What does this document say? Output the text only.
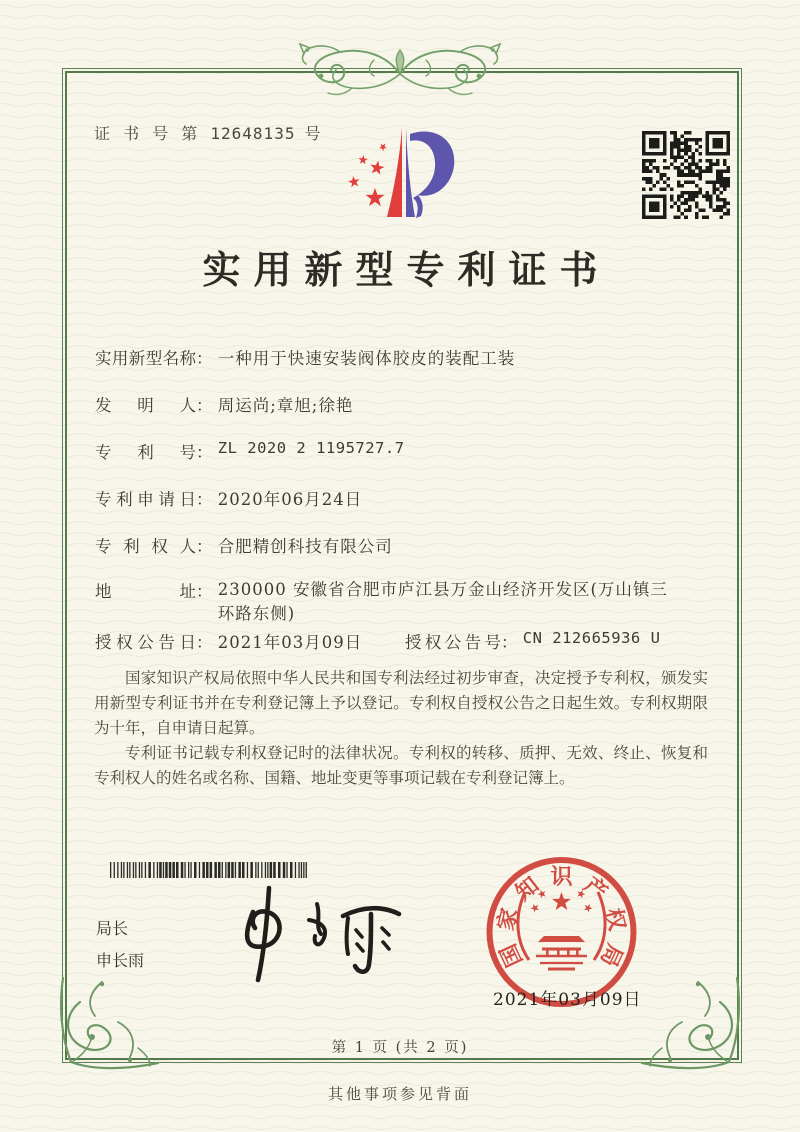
证 书 号 第 12648135 号
实用新型专利证书
实用新型名称： 一种用于快速安装阀体胶皮的装配工装
发明人： 周运尚;章旭;徐艳
专利号： ZL 2020 2 1195727.7
专利申请日： 2020年06月24日
专利权人： 合肥精创科技有限公司
地址： 230000 安徽省合肥市庐江县万金山经济开发区(万山镇三环路东侧)
授权公告日： 2021年03月09日	授权公告号： CN 212665936 U

国家知识产权局依照中华人民共和国专利法经过初步审查，决定授予专利权，颁发实用新型专利证书并在专利登记簿上予以登记。专利权自授权公告之日起生效。专利权期限为十年，自申请日起算。

专利证书记载专利权登记时的法律状况。专利权的转移、质押、无效、终止、恢复和专利权人的姓名或名称、国籍、地址变更等事项记载在专利登记簿上。

局长
申长雨	国
家
知 识 产
权
局
2021年03月09日
第 1 页 (共 2 页)
其他事项参见背面
